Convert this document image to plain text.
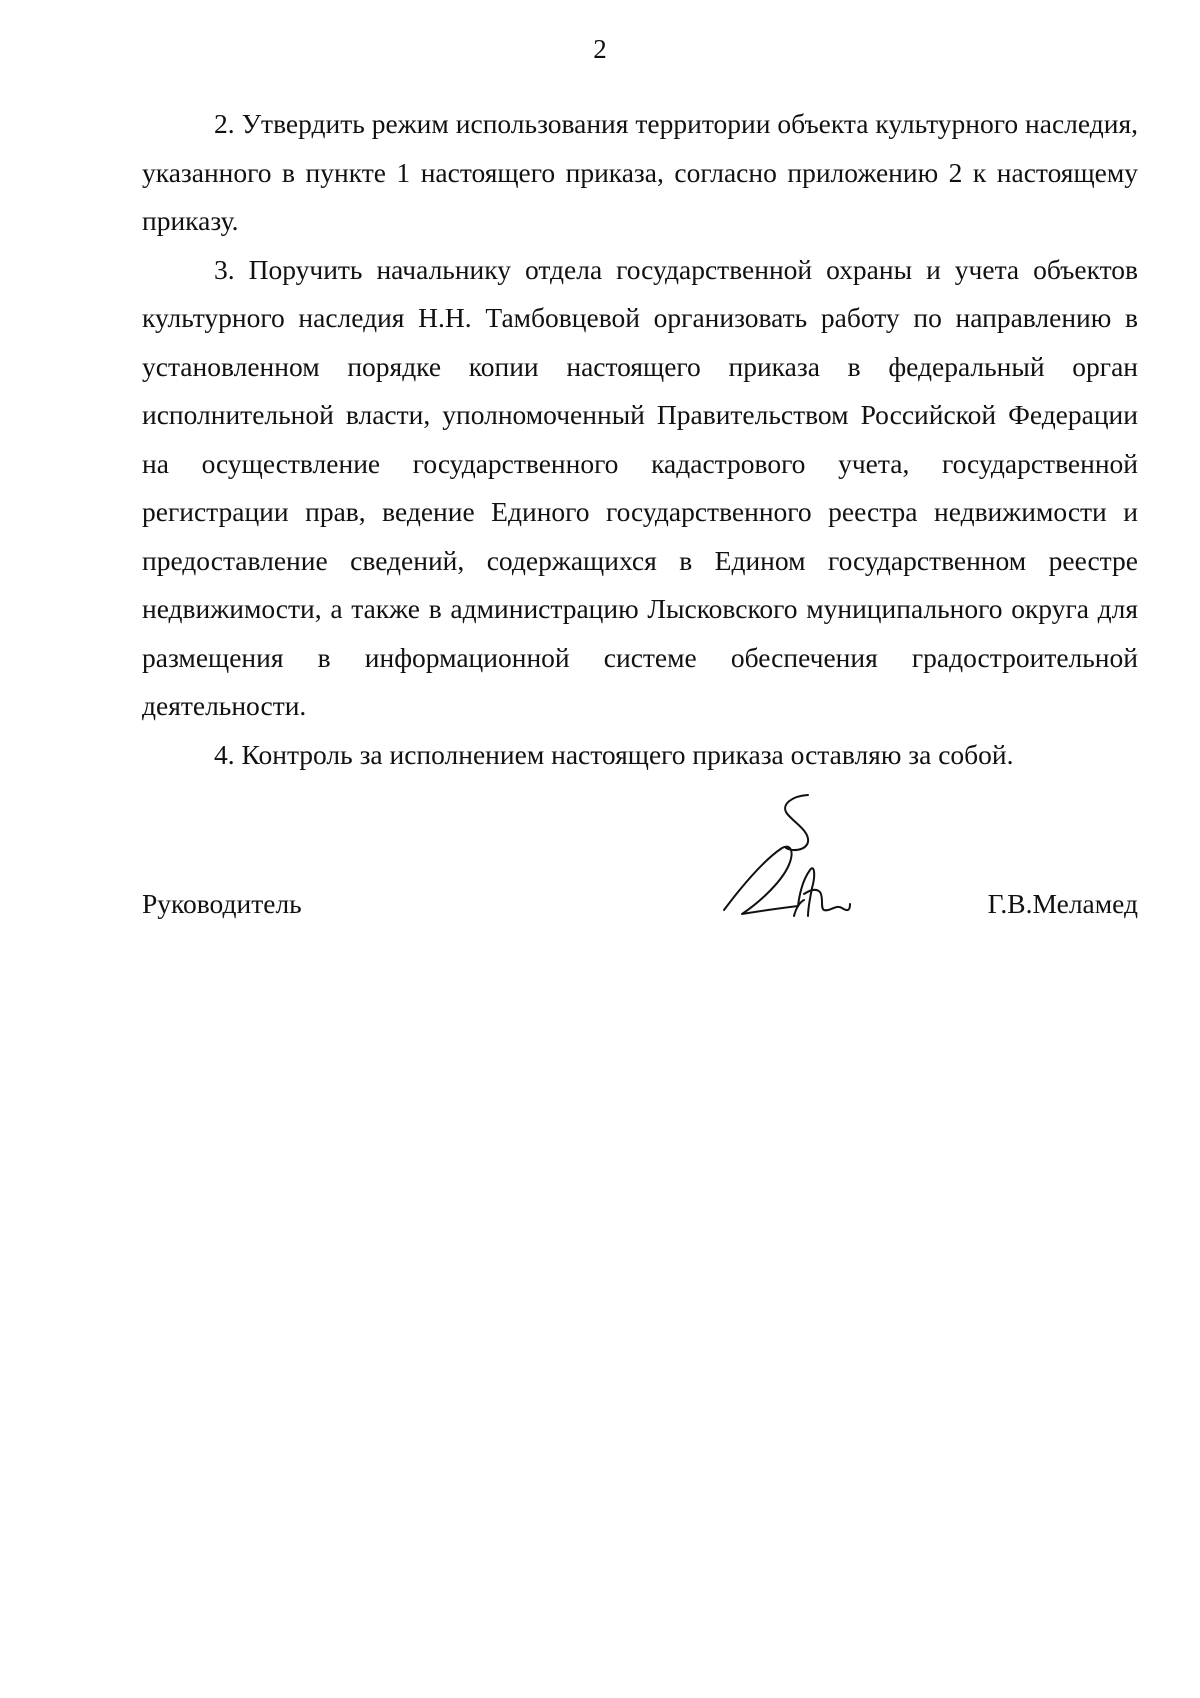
2

2. Утвердить режим использования территории объекта культурного наследия, указанного в пункте 1 настоящего приказа, согласно приложению 2 к настоящему приказу.

3. Поручить начальнику отдела государственной охраны и учета объектов культурного наследия Н.Н. Тамбовцевой организовать работу по направлению в установленном порядке копии настоящего приказа в федеральный орган исполнительной власти, уполномоченный Правительством Российской Федерации на осуществление государственного кадастрового учета, государственной регистрации прав, ведение Единого государственного реестра недвижимости и предоставление сведений, содержащихся в Едином государственном реестре недвижимости, а также в администрацию Лысковского муниципального округа для размещения в информационной системе обеспечения градостроительной деятельности.

4. Контроль за исполнением настоящего приказа оставляю за собой.

Руководитель	Г.В.Меламед
